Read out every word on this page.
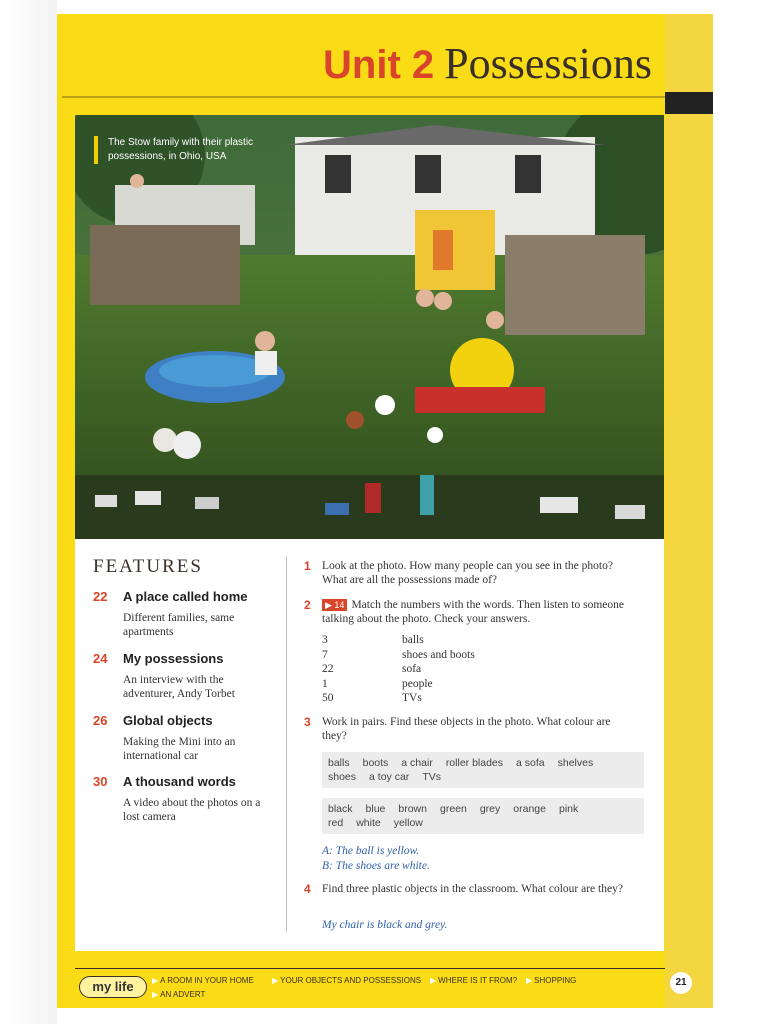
Unit 2 Possessions
The Stow family with their plastic possessions, in Ohio, USA
FEATURES
22 A place called home
Different families, same apartments
24 My possessions
An interview with the adventurer, Andy Torbet
26 Global objects
Making the Mini into an international car
30 A thousand words
A video about the photos on a lost camera
1 Look at the photo. How many people can you see in the photo? What are all the possessions made of?
2	▶ 14 Match the numbers with the words. Then listen to someone talking about the photo. Check your answers.
3	balls
7	shoes and boots
22	sofa
1	people
50	TVs
3 Work in pairs. Find these objects in the photo. What colour are they?
balls boots a chair roller blades a sofa shelves
shoes a toy car TVs
black blue brown green grey orange pink
red white yellow
A: The ball is yellow.
B: The shoes are white.
4 Find three plastic objects in the classroom. What colour are they?
My chair is black and grey.
my life	▶ A ROOM IN YOUR HOME ▶ YOUR OBJECTS AND POSSESSIONS ▶ WHERE IS IT FROM? ▶ SHOPPING
▶ AN ADVERT
21
